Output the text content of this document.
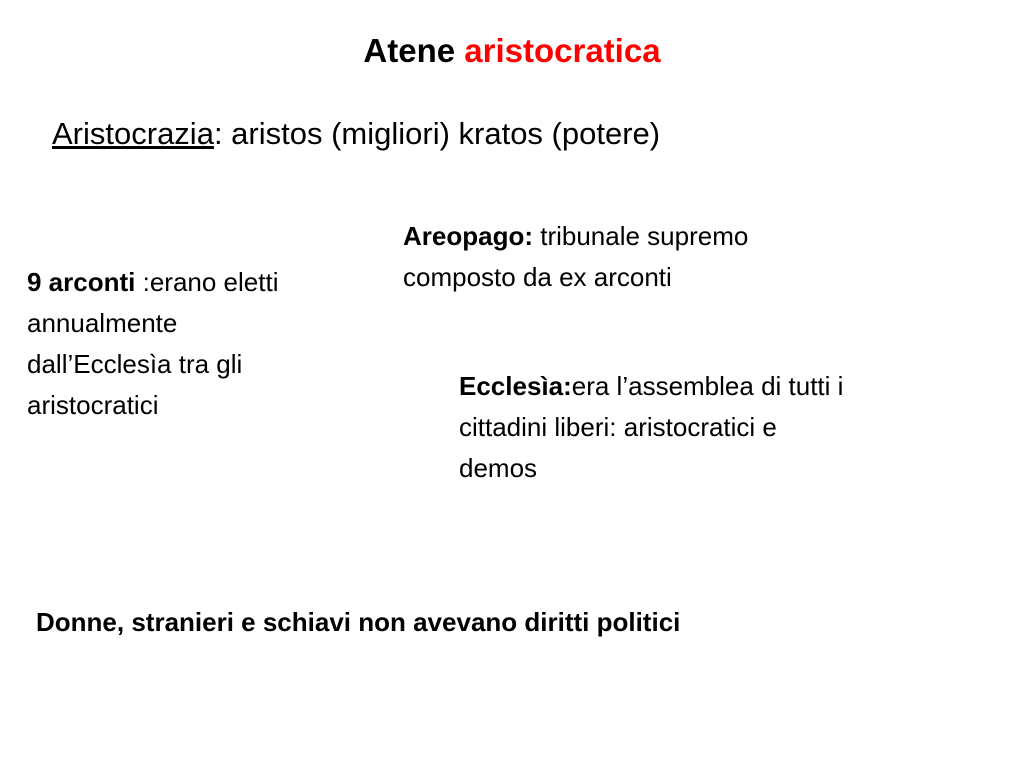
Atene aristocratica
Aristocrazia: aristos (migliori) kratos (potere)
9 arconti :erano eletti
annualmente
dall’Ecclesìa tra gli
aristocratici
Areopago: tribunale supremo
composto da ex arconti
Ecclesìa:era l’assemblea di tutti i
cittadini liberi: aristocratici e
demos
Donne, stranieri e schiavi non avevano diritti politici
